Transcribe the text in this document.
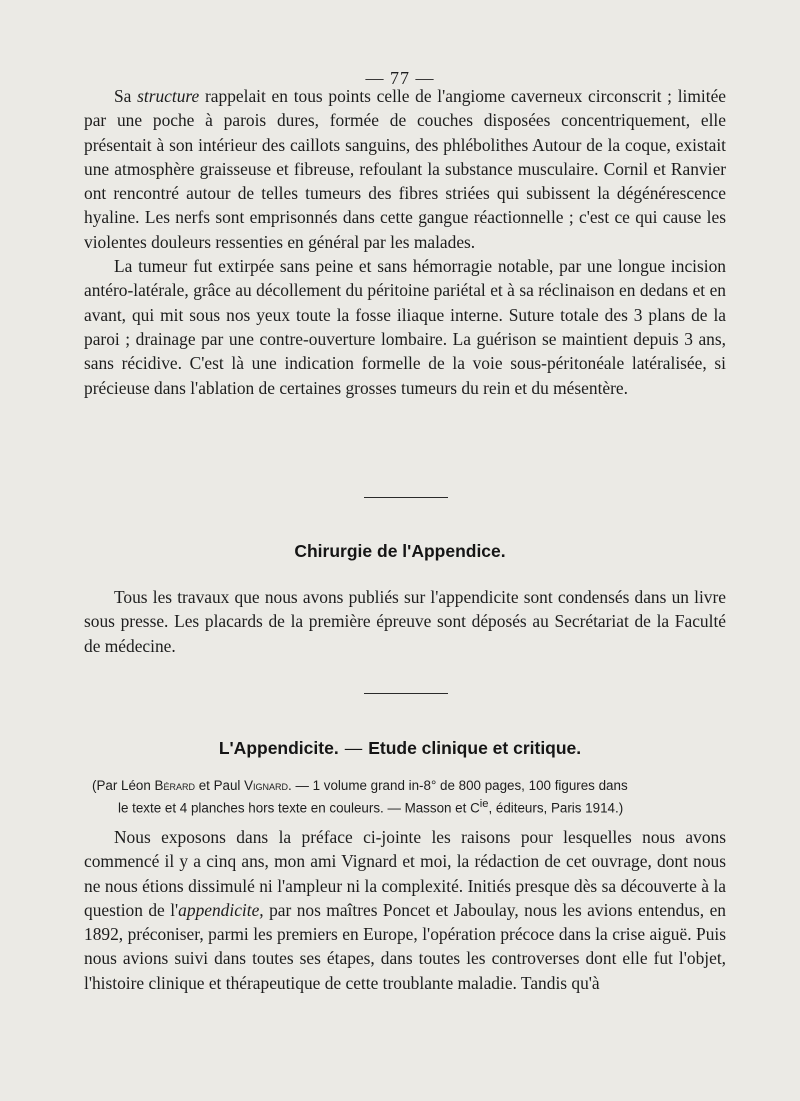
— 77 —

Sa structure rappelait en tous points celle de l'angiome caverneux circonscrit ; limitée par une poche à parois dures, formée de couches disposées concentriquement, elle présentait à son intérieur des caillots sanguins, des phlébolithes Autour de la coque, existait une atmosphère graisseuse et fibreuse, refoulant la substance musculaire. Cornil et Ranvier ont rencontré autour de telles tumeurs des fibres striées qui subissent la dégénérescence hyaline. Les nerfs sont emprisonnés dans cette gangue réactionnelle ; c'est ce qui cause les violentes douleurs ressenties en général par les malades.

La tumeur fut extirpée sans peine et sans hémorragie notable, par une longue incision antéro-latérale, grâce au décollement du péritoine pariétal et à sa réclinaison en dedans et en avant, qui mit sous nos yeux toute la fosse iliaque interne. Suture totale des 3 plans de la paroi ; drainage par une contre-ouverture lombaire. La guérison se maintient depuis 3 ans, sans récidive. C'est là une indication formelle de la voie sous-péritonéale latéralisée, si précieuse dans l'ablation de certaines grosses tumeurs du rein et du mésentère.

Chirurgie de l'Appendice.

Tous les travaux que nous avons publiés sur l'appendicite sont condensés dans un livre sous presse. Les placards de la première épreuve sont déposés au Secrétariat de la Faculté de médecine.

L'Appendicite. — Etude clinique et critique.

(Par Léon Bérard et Paul Vignard. — 1 volume grand in-8° de 800 pages, 100 figures dans
le texte et 4 planches hors texte en couleurs. — Masson et $C^{ie}$, éditeurs, Paris 1914.)

Nous exposons dans la préface ci-jointe les raisons pour lesquelles nous avons commencé il y a cinq ans, mon ami Vignard et moi, la rédaction de cet ouvrage, dont nous ne nous étions dissimulé ni l'ampleur ni la complexité. Initiés presque dès sa découverte à la question de l'appendicite, par nos maîtres Poncet et Jaboulay, nous les avions entendus, en 1892, préconiser, parmi les premiers en Europe, l'opération précoce dans la crise aiguë. Puis nous avions suivi dans toutes ses étapes, dans toutes les controverses dont elle fut l'objet, l'histoire clinique et thérapeutique de cette troublante maladie. Tandis qu'à
